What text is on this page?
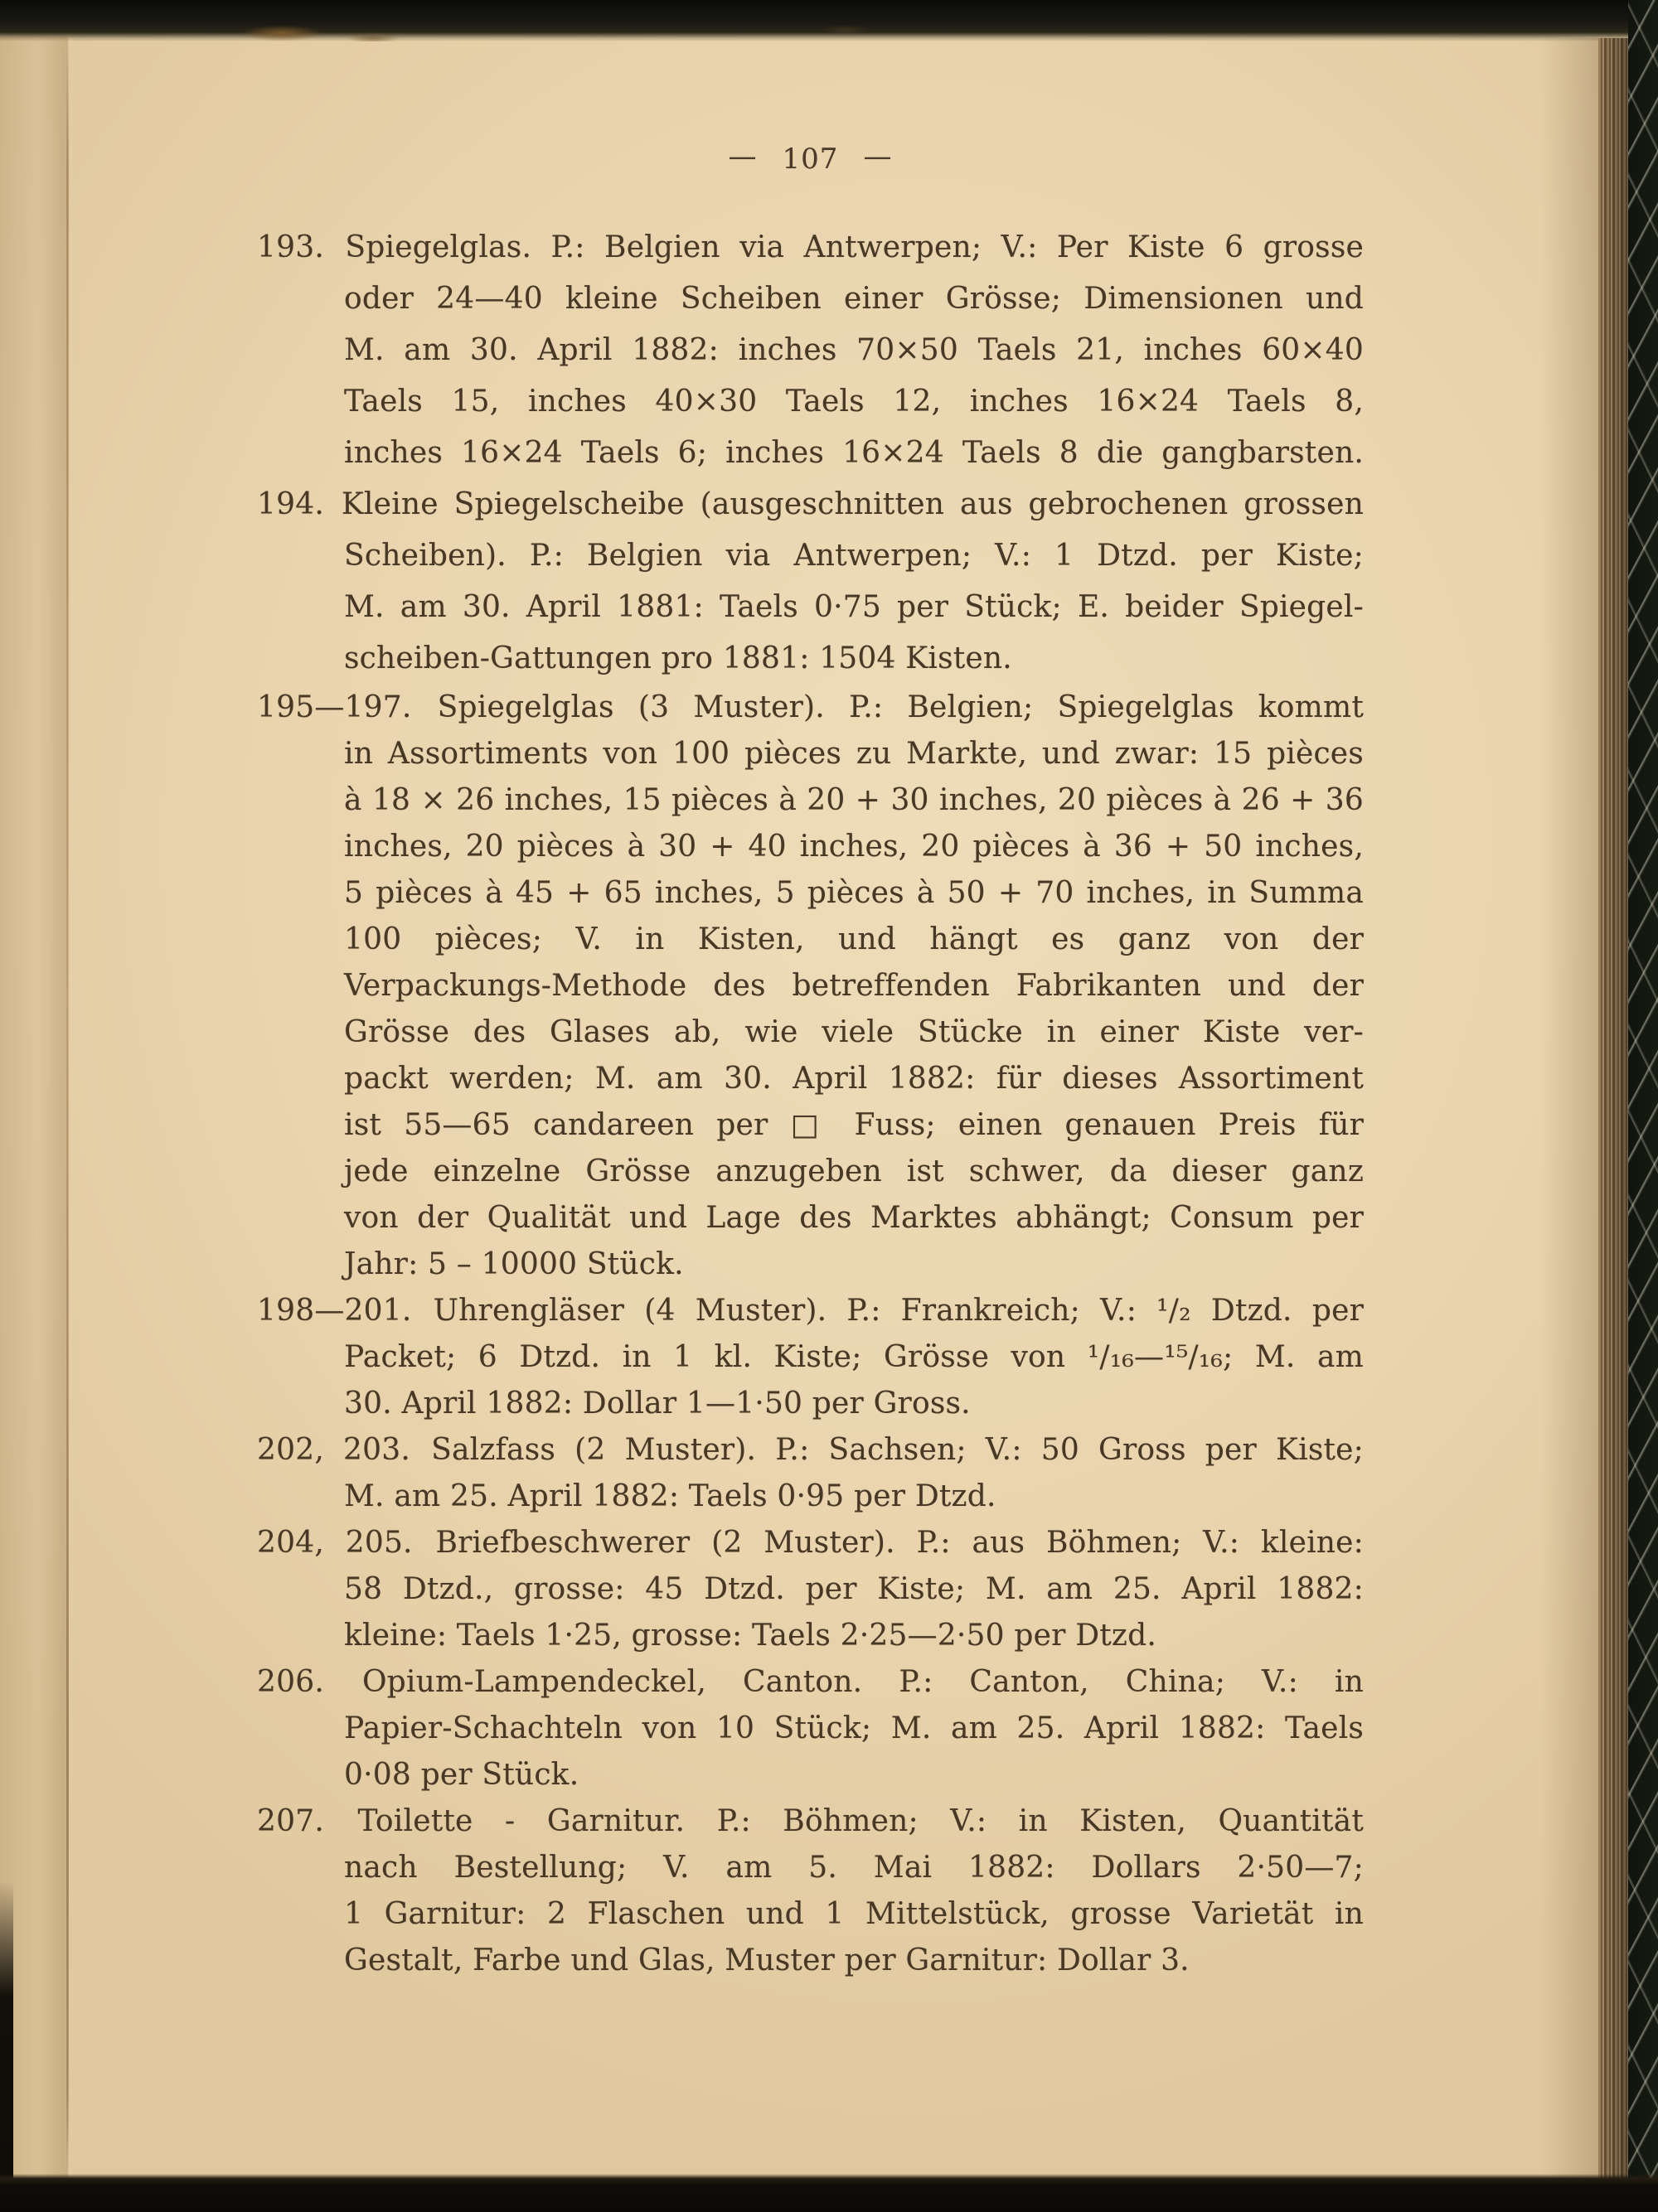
— 107 —
193. Spiegelglas. P.: Belgien via Antwerpen; V.: Per Kiste 6 grosse
oder 24—40 kleine Scheiben einer Grösse; Dimensionen und
M. am 30. April 1882: inches 70×50 Taels 21, inches 60×40
Taels 15, inches 40×30 Taels 12, inches 16×24 Taels 8,
inches 16×24 Taels 6; inches 16×24 Taels 8 die gangbarsten.
194. Kleine Spiegelscheibe (ausgeschnitten aus gebrochenen grossen
Scheiben). P.: Belgien via Antwerpen; V.: 1 Dtzd. per Kiste;
M. am 30. April 1881: Taels 0·75 per Stück; E. beider Spiegel-
scheiben-Gattungen pro 1881: 1504 Kisten.
195—197. Spiegelglas (3 Muster). P.: Belgien; Spiegelglas kommt
in Assortiments von 100 pièces zu Markte, und zwar: 15 pièces
à 18 × 26 inches, 15 pièces à 20 + 30 inches, 20 pièces à 26 + 36
inches, 20 pièces à 30 + 40 inches, 20 pièces à 36 + 50 inches,
5 pièces à 45 + 65 inches, 5 pièces à 50 + 70 inches, in Summa
100 pièces; V. in Kisten, und hängt es ganz von der
Verpackungs-Methode des betreffenden Fabrikanten und der
Grösse des Glases ab, wie viele Stücke in einer Kiste ver-
packt werden; M. am 30. April 1882: für dieses Assortiment
ist 55—65 candareen per □ Fuss; einen genauen Preis für
jede einzelne Grösse anzugeben ist schwer, da dieser ganz
von der Qualität und Lage des Marktes abhängt; Consum per
Jahr: 5 – 10000 Stück.
198—201. Uhrengläser (4 Muster). P.: Frankreich; V.: ¹/₂ Dtzd. per
Packet; 6 Dtzd. in 1 kl. Kiste; Grösse von ¹/₁₆—¹⁵/₁₆; M. am
30. April 1882: Dollar 1—1·50 per Gross.
202, 203. Salzfass (2 Muster). P.: Sachsen; V.: 50 Gross per Kiste;
M. am 25. April 1882: Taels 0·95 per Dtzd.
204, 205. Briefbeschwerer (2 Muster). P.: aus Böhmen; V.: kleine:
58 Dtzd., grosse: 45 Dtzd. per Kiste; M. am 25. April 1882:
kleine: Taels 1·25, grosse: Taels 2·25—2·50 per Dtzd.
206. Opium-Lampendeckel, Canton. P.: Canton, China; V.: in
Papier-Schachteln von 10 Stück; M. am 25. April 1882: Taels
0·08 per Stück.
207. Toilette - Garnitur. P.: Böhmen; V.: in Kisten, Quantität
nach Bestellung; V. am 5. Mai 1882: Dollars 2·50—7;
1 Garnitur: 2 Flaschen und 1 Mittelstück, grosse Varietät in
Gestalt, Farbe und Glas, Muster per Garnitur: Dollar 3.
